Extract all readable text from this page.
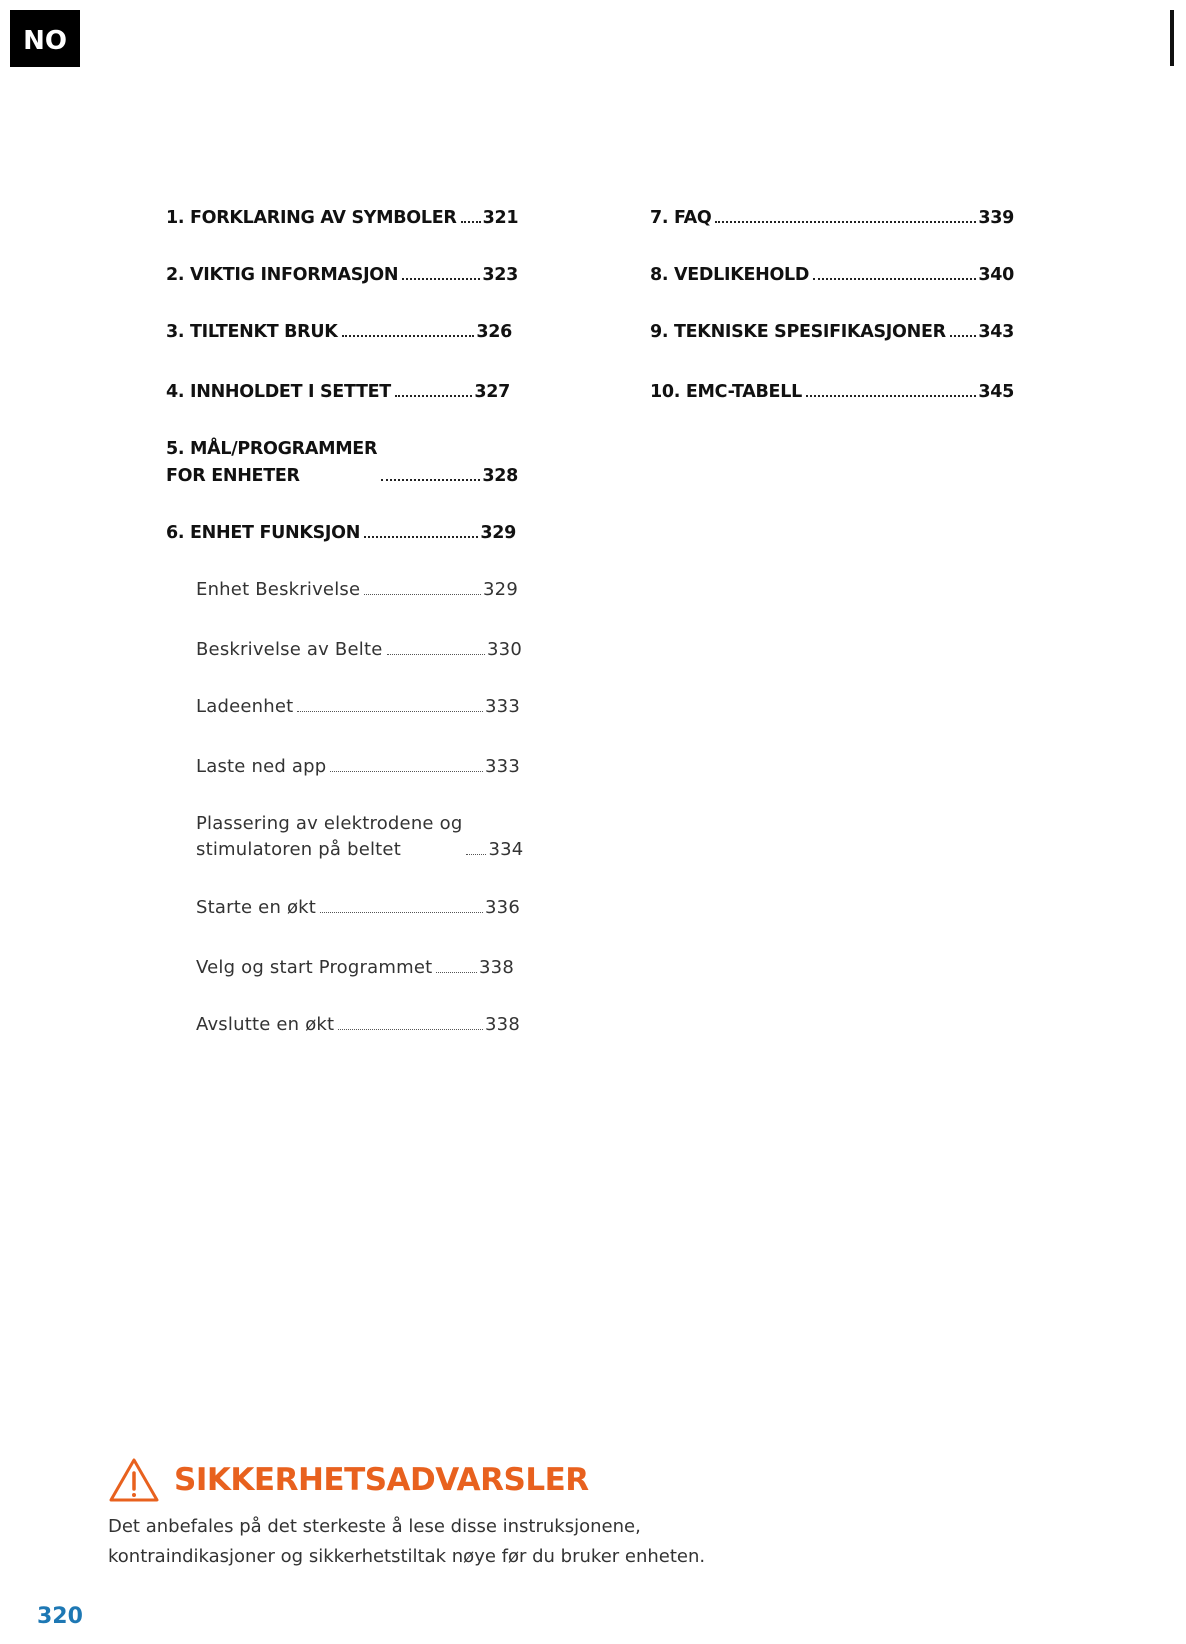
NO
1. FORKLARING AV SYMBOLER 321
2. VIKTIG INFORMASJON	323
3. TILTENKT BRUK	326
4. INNHOLDET I SETTET	327
5. MÅL/PROGRAMMER
FOR ENHETER	328
6. ENHET FUNKSJON	329
Enhet Beskrivelse	329
Beskrivelse av Belte	330
Ladeenhet	333
Laste ned app	333
Plassering av elektrodene og
stimulatoren på beltet	334
Starte en økt	336
Velg og start Programmet	338
Avslutte en økt	338
7. FAQ	339
8. VEDLIKEHOLD	340
9. TEKNISKE SPESIFIKASJONER 343
10. EMC-TABELL	345
SIKKERHETSADVARSLER
Det anbefales på det sterkeste å lese disse instruksjonene, kontraindikasjoner og sikkerhetstiltak nøye før du bruker enheten.
320
